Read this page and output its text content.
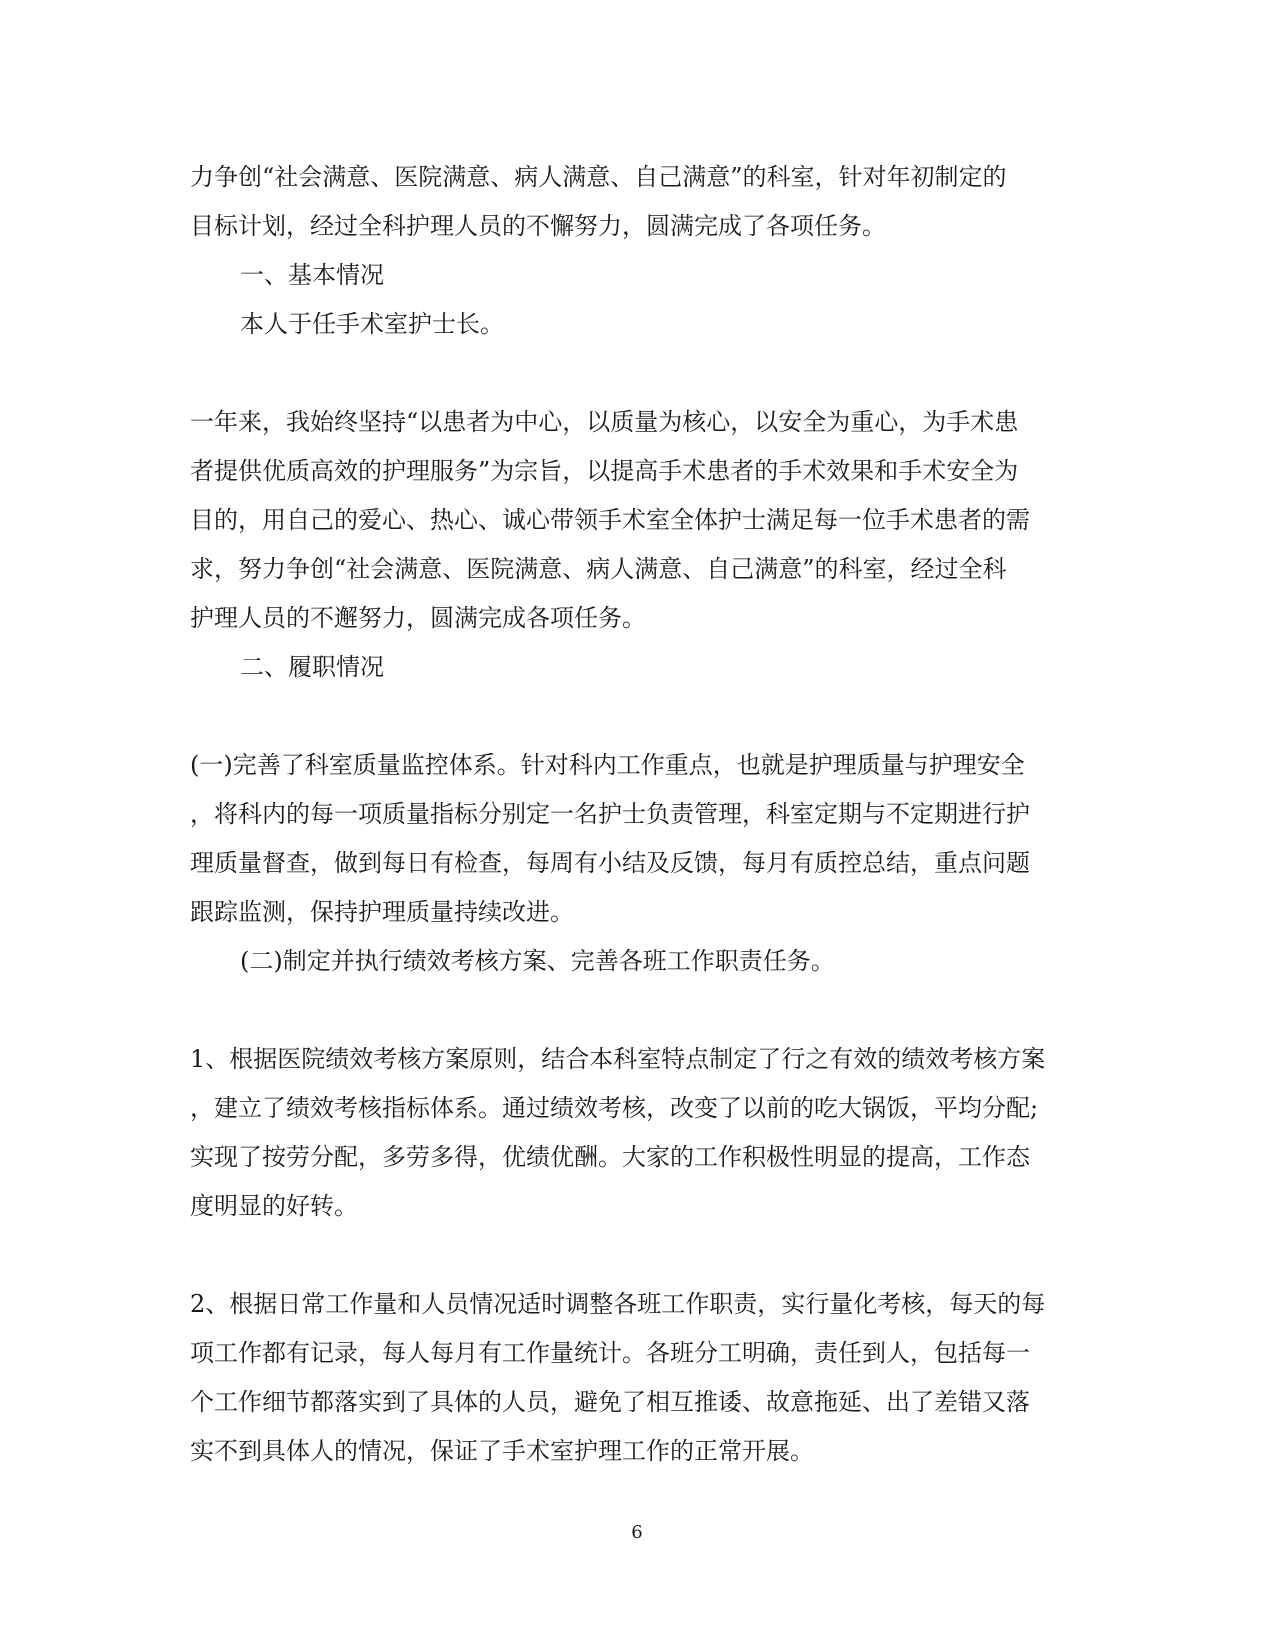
力争创“社会满意、医院满意、病人满意、自己满意”的科室，针对年初制定的
目标计划，经过全科护理人员的不懈努力，圆满完成了各项任务。
一、基本情况
本人于任手术室护士长。
一年来，我始终坚持“以患者为中心，以质量为核心，以安全为重心，为手术患
者提供优质高效的护理服务”为宗旨，以提高手术患者的手术效果和手术安全为
目的，用自己的爱心、热心、诚心带领手术室全体护士满足每一位手术患者的需
求，努力争创“社会满意、医院满意、病人满意、自己满意”的科室，经过全科
护理人员的不邂努力，圆满完成各项任务。
二、履职情况
(一)完善了科室质量监控体系。针对科内工作重点，也就是护理质量与护理安全
，将科内的每一项质量指标分别定一名护士负责管理，科室定期与不定期进行护
理质量督查，做到每日有检查，每周有小结及反馈，每月有质控总结，重点问题
跟踪监测，保持护理质量持续改进。
(二)制定并执行绩效考核方案、完善各班工作职责任务。
1、根据医院绩效考核方案原则，结合本科室特点制定了行之有效的绩效考核方案
，建立了绩效考核指标体系。通过绩效考核，改变了以前的吃大锅饭，平均分配;
实现了按劳分配，多劳多得，优绩优酬。大家的工作积极性明显的提高，工作态
度明显的好转。
2、根据日常工作量和人员情况适时调整各班工作职责，实行量化考核，每天的每
项工作都有记录，每人每月有工作量统计。各班分工明确，责任到人，包括每一
个工作细节都落实到了具体的人员，避免了相互推诿、故意拖延、出了差错又落
实不到具体人的情况，保证了手术室护理工作的正常开展。
6
